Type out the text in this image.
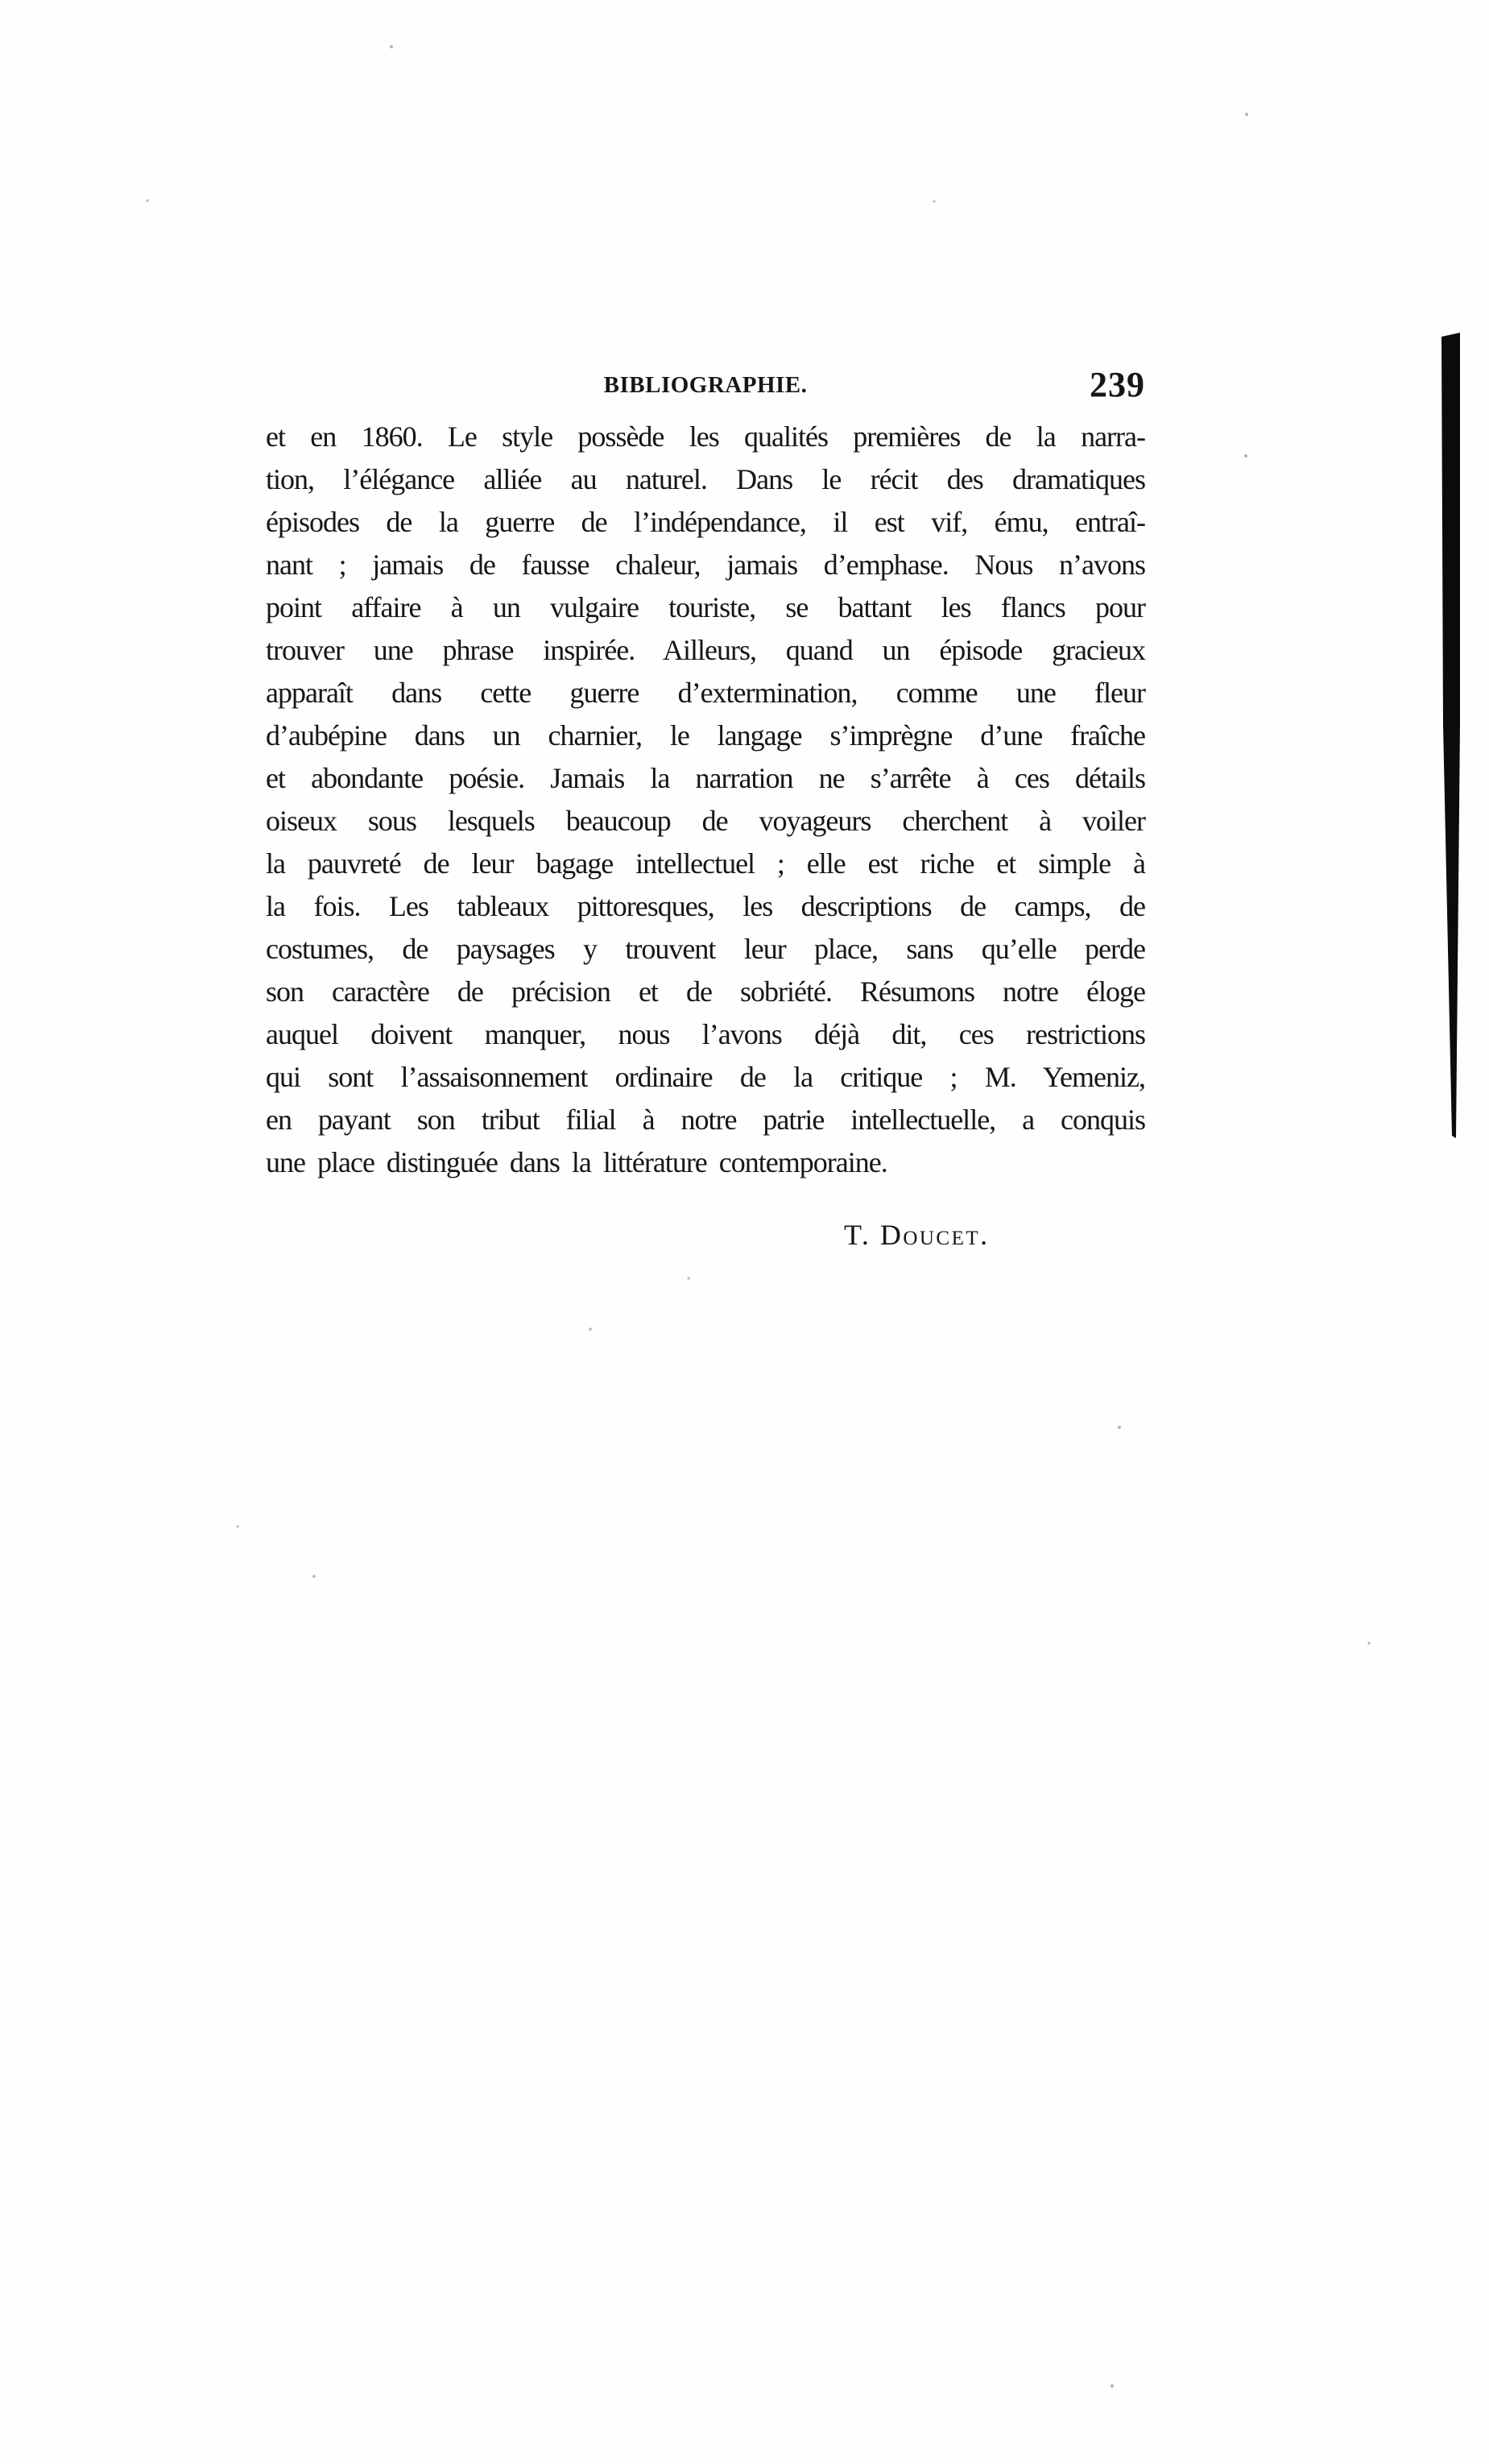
BIBLIOGRAPHIE.	239
et en 1860. Le style possède les qualités premières de la narra-
tion, l’élégance alliée au naturel. Dans le récit des dramatiques
épisodes de la guerre de l’indépendance, il est vif, ému, entraî-
nant ; jamais de fausse chaleur, jamais d’emphase. Nous n’avons
point affaire à un vulgaire touriste, se battant les flancs pour
trouver une phrase inspirée. Ailleurs, quand un épisode gracieux
apparaît dans cette guerre d’extermination, comme une fleur
d’aubépine dans un charnier, le langage s’imprègne d’une fraîche
et abondante poésie. Jamais la narration ne s’arrête à ces détails
oiseux sous lesquels beaucoup de voyageurs cherchent à voiler
la pauvreté de leur bagage intellectuel ; elle est riche et simple à
la fois. Les tableaux pittoresques, les descriptions de camps, de
costumes, de paysages y trouvent leur place, sans qu’elle perde
son caractère de précision et de sobriété. Résumons notre éloge
auquel doivent manquer, nous l’avons déjà dit, ces restrictions
qui sont l’assaisonnement ordinaire de la critique ; M. Yemeniz,
en payant son tribut filial à notre patrie intellectuelle, a conquis
une place distinguée dans la littérature contemporaine.
T. Doucet.
